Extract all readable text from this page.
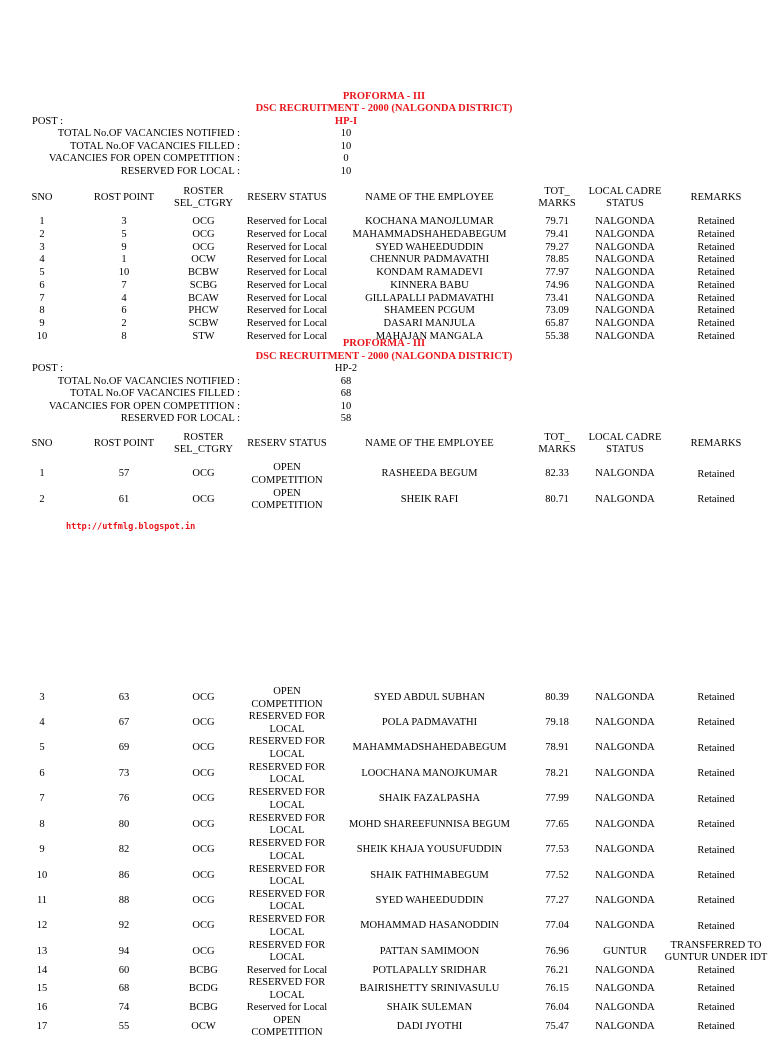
PROFORMA - III
DSC RECRUITMENT - 2000 (NALGONDA DISTRICT)
POST :	HP-I
TOTAL No.OF VACANCIES NOTIFIED :	10
TOTAL No.OF VACANCIES FILLED :	10
VACANCIES FOR OPEN COMPETITION :	0
RESERVED FOR LOCAL :	10
SNO	ROST POINT	ROSTER SEL_CTGRY	RESERV STATUS	NAME OF THE EMPLOYEE	TOT_ MARKS	LOCAL CADRE STATUS	REMARKS
1	3	OCG	Reserved for Local	KOCHANA MANOJLUMAR	79.71	NALGONDA	Retained
2	5	OCG	Reserved for Local	MAHAMMADSHAHEDABEGUM	79.41	NALGONDA	Retained
3	9	OCG	Reserved for Local	SYED WAHEEDUDDIN	79.27	NALGONDA	Retained
4	1	OCW	Reserved for Local	CHENNUR PADMAVATHI	78.85	NALGONDA	Retained
5	10	BCBW	Reserved for Local	KONDAM RAMADEVI	77.97	NALGONDA	Retained
6	7	SCBG	Reserved for Local	KINNERA BABU	74.96	NALGONDA	Retained
7	4	BCAW	Reserved for Local	GILLAPALLI PADMAVATHI	73.41	NALGONDA	Retained
8	6	PHCW	Reserved for Local	SHAMEEN PCGUM	73.09	NALGONDA	Retained
9	2	SCBW	Reserved for Local	DASARI MANJULA	65.87	NALGONDA	Retained
10	8	STW	Reserved for Local	MAHAJAN MANGALA	55.38	NALGONDA	Retained
PROFORMA - III
DSC RECRUITMENT - 2000 (NALGONDA DISTRICT)
POST :	HP-2
TOTAL No.OF VACANCIES NOTIFIED :	68
TOTAL No.OF VACANCIES FILLED :	68
VACANCIES FOR OPEN COMPETITION :	10
RESERVED FOR LOCAL :	58
SNO	ROST POINT	ROSTER SEL_CTGRY	RESERV STATUS	NAME OF THE EMPLOYEE	TOT_ MARKS	LOCAL CADRE STATUS	REMARKS
1	57	OCG	OPEN COMPETITION	RASHEEDA BEGUM	82.33	NALGONDA	Retained
2	61	OCG	OPEN COMPETITION	SHEIK RAFI	80.71	NALGONDA	Retained
http://utfmlg.blogspot.in
3	63	OCG	OPEN COMPETITION	SYED ABDUL SUBHAN	80.39	NALGONDA	Retained
4	67	OCG	RESERVED FOR LOCAL	POLA PADMAVATHI	79.18	NALGONDA	Retained
5	69	OCG	RESERVED FOR LOCAL	MAHAMMADSHAHEDABEGUM	78.91	NALGONDA	Retained
6	73	OCG	RESERVED FOR LOCAL	LOOCHANA MANOJKUMAR	78.21	NALGONDA	Retained
7	76	OCG	RESERVED FOR LOCAL	SHAIK FAZALPASHA	77.99	NALGONDA	Retained
8	80	OCG	RESERVED FOR LOCAL	MOHD SHAREEFUNNISA BEGUM	77.65	NALGONDA	Retained
9	82	OCG	RESERVED FOR LOCAL	SHEIK KHAJA YOUSUFUDDIN	77.53	NALGONDA	Retained
10	86	OCG	RESERVED FOR LOCAL	SHAIK FATHIMABEGUM	77.52	NALGONDA	Retained
11	88	OCG	RESERVED FOR LOCAL	SYED WAHEEDUDDIN	77.27	NALGONDA	Retained
12	92	OCG	RESERVED FOR LOCAL	MOHAMMAD HASANODDIN	77.04	NALGONDA	Retained
13	94	OCG	RESERVED FOR LOCAL	PATTAN SAMIMOON	76.96	GUNTUR	TRANSFERRED TO GUNTUR UNDER IDT
14	60	BCBG	Reserved for Local	POTLAPALLY SRIDHAR	76.21	NALGONDA	Retained
15	68	BCDG	RESERVED FOR LOCAL	BAIRISHETTY SRINIVASULU	76.15	NALGONDA	Retained
16	74	BCBG	Reserved for Local	SHAIK SULEMAN	76.04	NALGONDA	Retained
17	55	OCW	OPEN COMPETITION	DADI JYOTHI	75.47	NALGONDA	Retained
